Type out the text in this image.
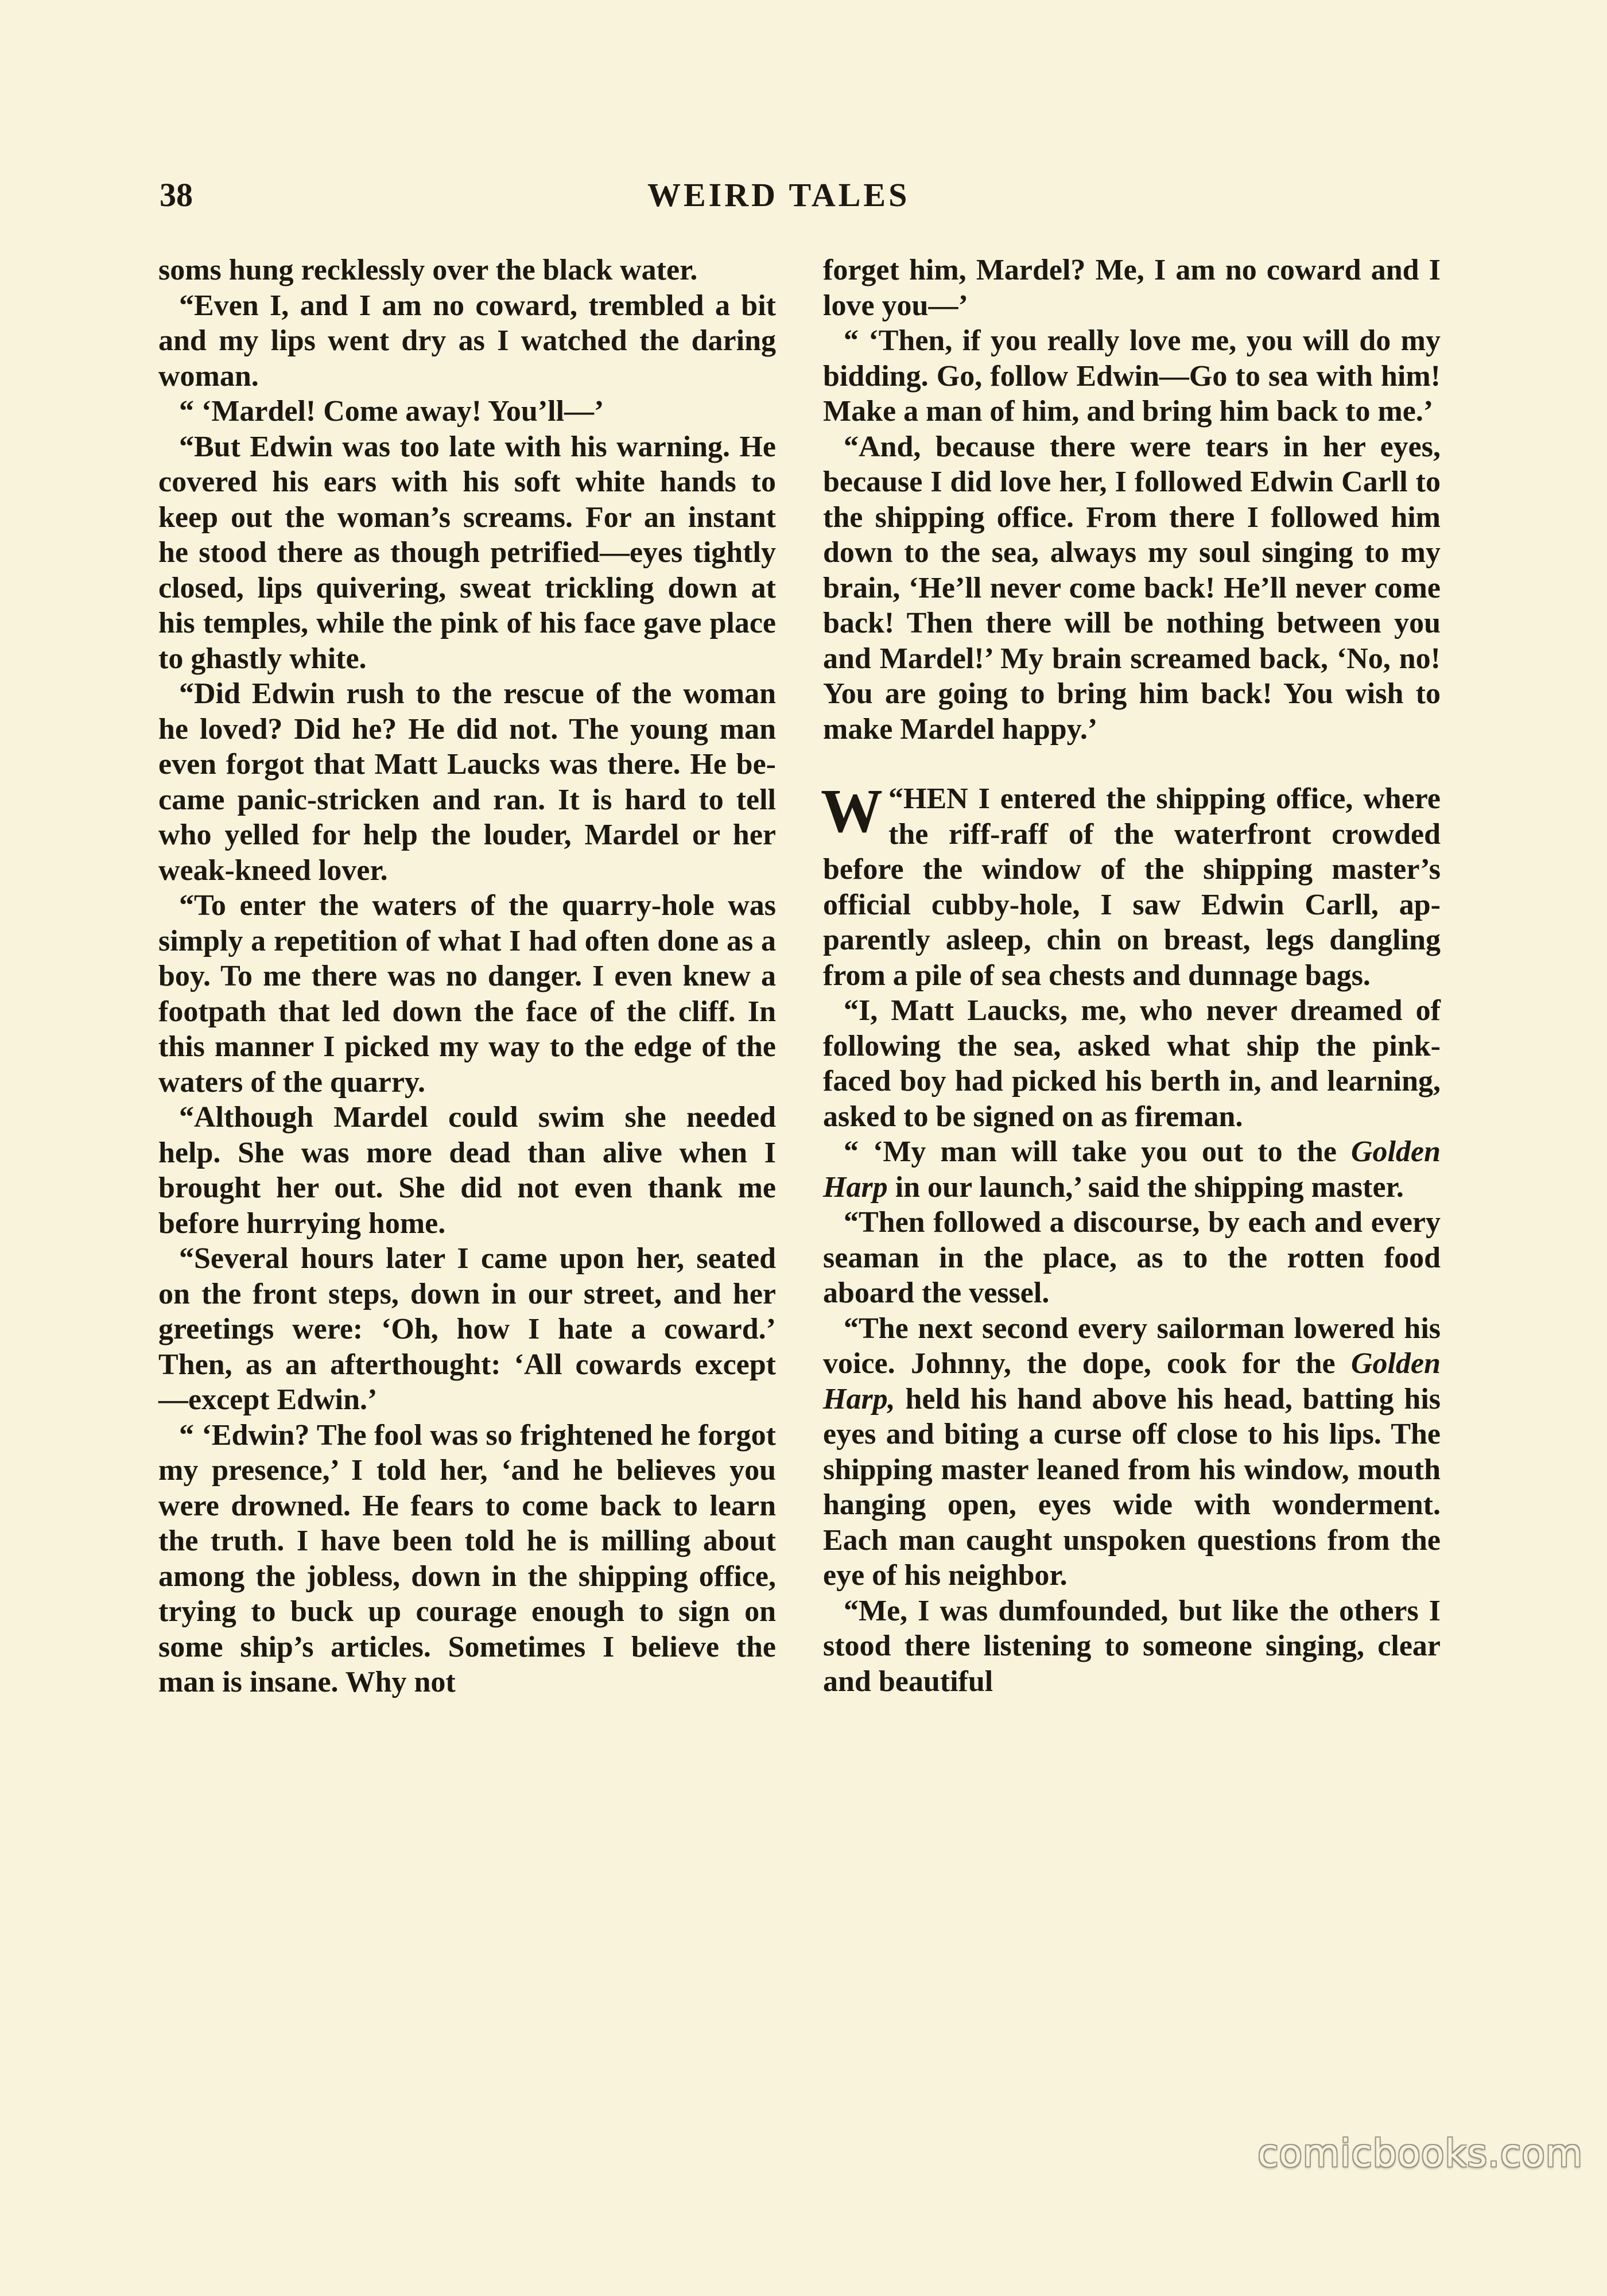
38	WEIRD TALES

soms hung recklessly over the black water.

“Even I, and I am no coward, trembled a bit and my lips went dry as I watched the daring woman.

“ ‘Mardel! Come away! You’ll—’

“But Edwin was too late with his warning. He covered his ears with his soft white hands to keep out the woman’s screams. For an instant he stood there as though petrified—eyes tightly closed, lips quivering, sweat trickling down at his temples, while the pink of his face gave place to ghastly white.

“Did Edwin rush to the rescue of the woman he loved? Did he? He did not. The young man even forgot that Matt Laucks was there. He became panic-stricken and ran. It is hard to tell who yelled for help the louder, Mardel or her weak-kneed lover.

“To enter the waters of the quarry-hole was simply a repetition of what I had often done as a boy. To me there was no danger. I even knew a footpath that led down the face of the cliff. In this manner I picked my way to the edge of the waters of the quarry.

“Although Mardel could swim she needed help. She was more dead than alive when I brought her out. She did not even thank me before hurrying home.

“Several hours later I came upon her, seated on the front steps, down in our street, and her greetings were: ‘Oh, how I hate a coward.’ Then, as an afterthought: ‘All cowards except —except Edwin.’

“ ‘Edwin? The fool was so frightened he forgot my presence,’ I told her, ‘and he believes you were drowned. He fears to come back to learn the truth. I have been told he is milling about among the jobless, down in the shipping office, trying to buck up courage enough to sign on some ship’s articles. Sometimes I believe the man is insane. Why not

forget him, Mardel? Me, I am no coward and I love you—’

“ ‘Then, if you really love me, you will do my bidding. Go, follow Edwin—Go to sea with him! Make a man of him, and bring him back to me.’

“And, because there were tears in her eyes, because I did love her, I followed Edwin Carll to the shipping office. From there I followed him down to the sea, always my soul singing to my brain, ‘He’ll never come back! He’ll never come back! Then there will be nothing between you and Mardel!’ My brain screamed back, ‘No, no! You are going to bring him back! You wish to make Mardel happy.’

“
W HEN I entered the shipping office, where the riff-raff of the waterfront crowded before the window of the shipping master’s official cubby-hole, I saw Edwin Carll, apparently asleep, chin on breast, legs dangling from a pile of sea chests and dunnage bags.

“I, Matt Laucks, me, who never dreamed of following the sea, asked what ship the pink-faced boy had picked his berth in, and learning, asked to be signed on as fireman.

“ ‘My man will take you out to the Golden Harp in our launch,’ said the shipping master.

“Then followed a discourse, by each and every seaman in the place, as to the rotten food aboard the vessel.

“The next second every sailorman lowered his voice. Johnny, the dope, cook for the Golden Harp, held his hand above his head, batting his eyes and biting a curse off close to his lips. The shipping master leaned from his window, mouth hanging open, eyes wide with wonderment. Each man caught unspoken questions from the eye of his neighbor.

“Me, I was dumfounded, but like the others I stood there listening to someone singing, clear and beautiful

comicbooks.com
